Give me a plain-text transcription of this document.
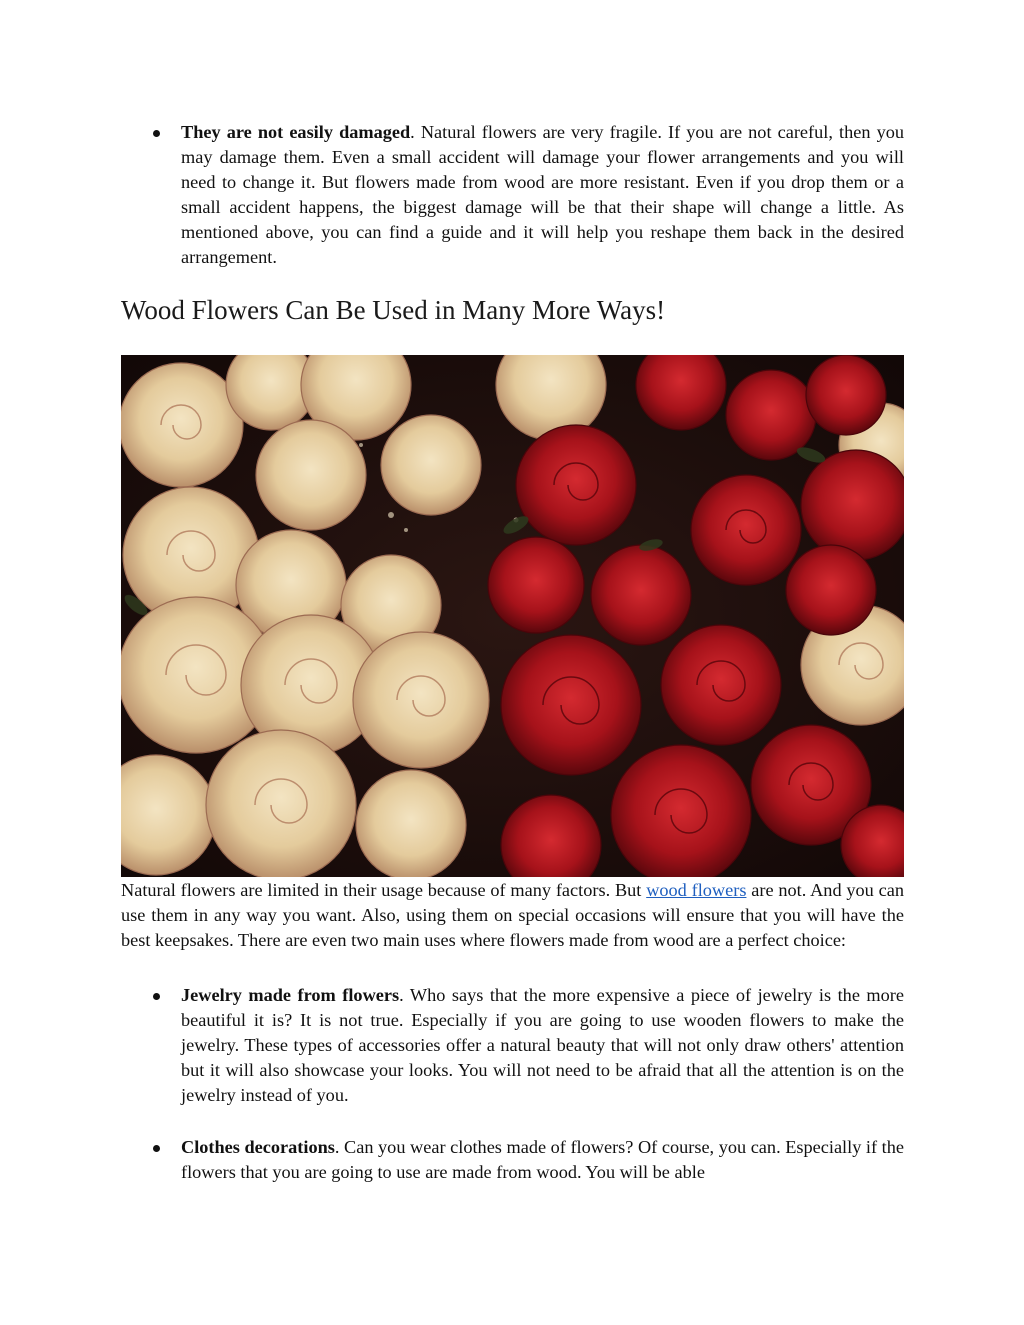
They are not easily damaged. Natural flowers are very fragile. If you are not careful, then you may damage them. Even a small accident will damage your flower arrangements and you will need to change it. But flowers made from wood are more resistant. Even if you drop them or a small accident happens, the biggest damage will be that their shape will change a little. As mentioned above, you can find a guide and it will help you reshape them back in the desired arrangement.
Wood Flowers Can Be Used in Many More Ways!

Natural flowers are limited in their usage because of many factors. But wood flowers are not. And you can use them in any way you want. Also, using them on special occasions will ensure that you will have the best keepsakes. There are even two main uses where flowers made from wood are a perfect choice:

Jewelry made from flowers. Who says that the more expensive a piece of jewelry is the more beautiful it is? It is not true. Especially if you are going to use wooden flowers to make the jewelry. These types of accessories offer a natural beauty that will not only draw others' attention but it will also showcase your looks. You will not need to be afraid that all the attention is on the jewelry instead of you.
Clothes decorations. Can you wear clothes made of flowers? Of course, you can. Especially if the flowers that you are going to use are made from wood. You will be able
